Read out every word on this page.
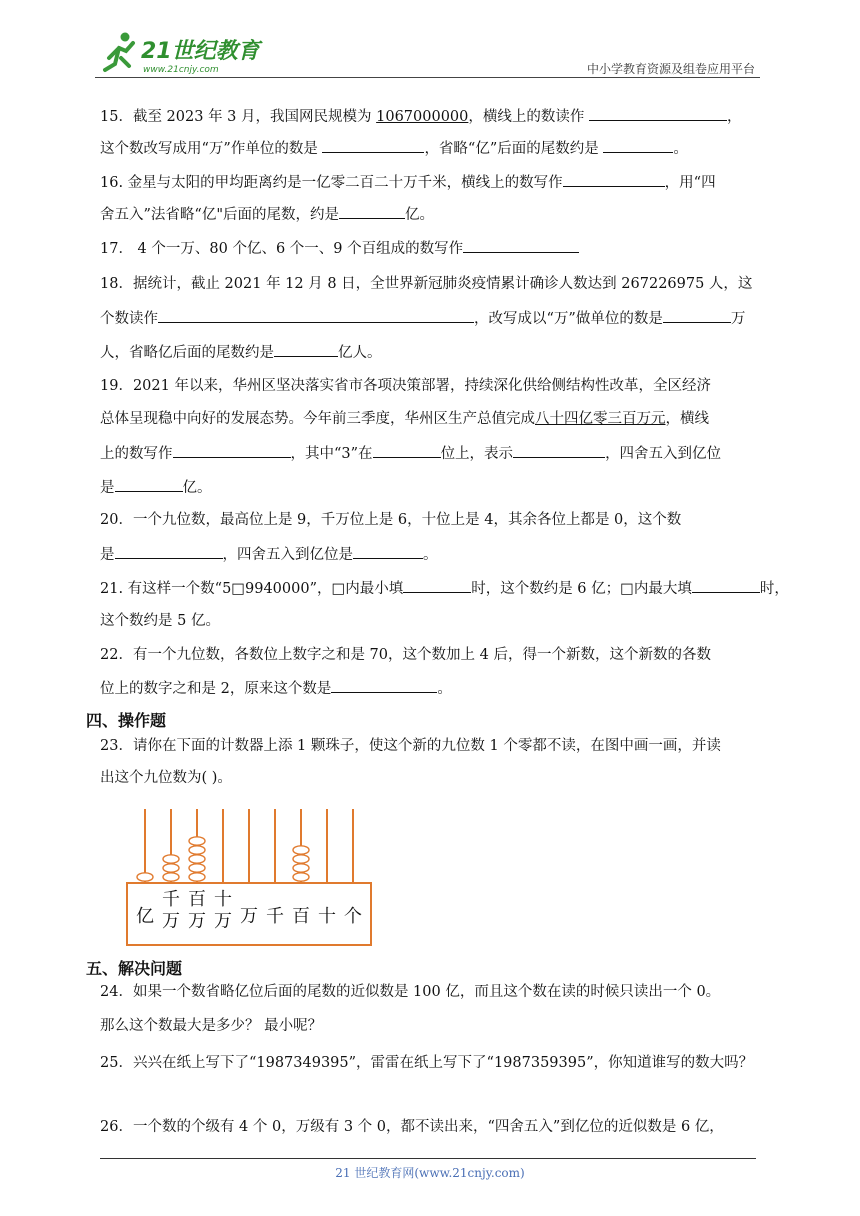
21世纪教育
www.21cnjy.com	中小学教育资源及组卷应用平台
15．截至 2023 年 3 月，我国网民规模为 1067000000，横线上的数读作	，
这个数改写成用“万”作单位的数是	，省略“亿”后面的尾数约是	。
16. 金星与太阳的甲均距离约是一亿零二百二十万千米，横线上的数写作	，用“四
舍五入”法省略“亿"后面的尾数，约是	亿。
17． 4 个一万、80 个亿、6 个一、9 个百组成的数写作
18．据统计，截止 2021 年 12 月 8 日，全世界新冠肺炎疫情累计确诊人数达到 267226975 人，这
个数读作	，改写成以“万”做单位的数是	万
人，省略亿后面的尾数约是	亿人。
19．2021 年以来，华州区坚决落实省市各项决策部署，持续深化供给侧结构性改革，全区经济
总体呈现稳中向好的发展态势。今年前三季度，华州区生产总值完成八十四亿零三百万元，横线
上的数写作	，其中“3”在	位上，表示	，四舍五入到亿位
是	亿。
20．一个九位数，最高位上是 9，千万位上是 6，十位上是 4，其余各位上都是 0，这个数
是	，四舍五入到亿位是	。
21. 有这样一个数“5□9940000”，□内最小填	时，这个数约是 6 亿；□内最大填	时，
这个数约是 5 亿。
22．有一个九位数，各数位上数字之和是 70，这个数加上 4 后，得一个新数，这个新数的各数
位上的数字之和是 2，原来这个数是	。
四、操作题
23．请你在下面的计数器上添 1 颗珠子，使这个新的九位数 1 个零都不读，在图中画一画，并读
出这个九位数为( )。
亿
千
万
百
万
十
万 万 千 百 十 个
五、解决问题
24．如果一个数省略亿位后面的尾数的近似数是 100 亿，而且这个数在读的时候只读出一个 0。
那么这个数最大是多少？ 最小呢？
25．兴兴在纸上写下了“1987349395”，雷雷在纸上写下了“1987359395”，你知道谁写的数大吗？
26．一个数的个级有 4 个 0，万级有 3 个 0，都不读出来，“四舍五入”到亿位的近似数是 6 亿，
21 世纪教育网(www.21cnjy.com)
